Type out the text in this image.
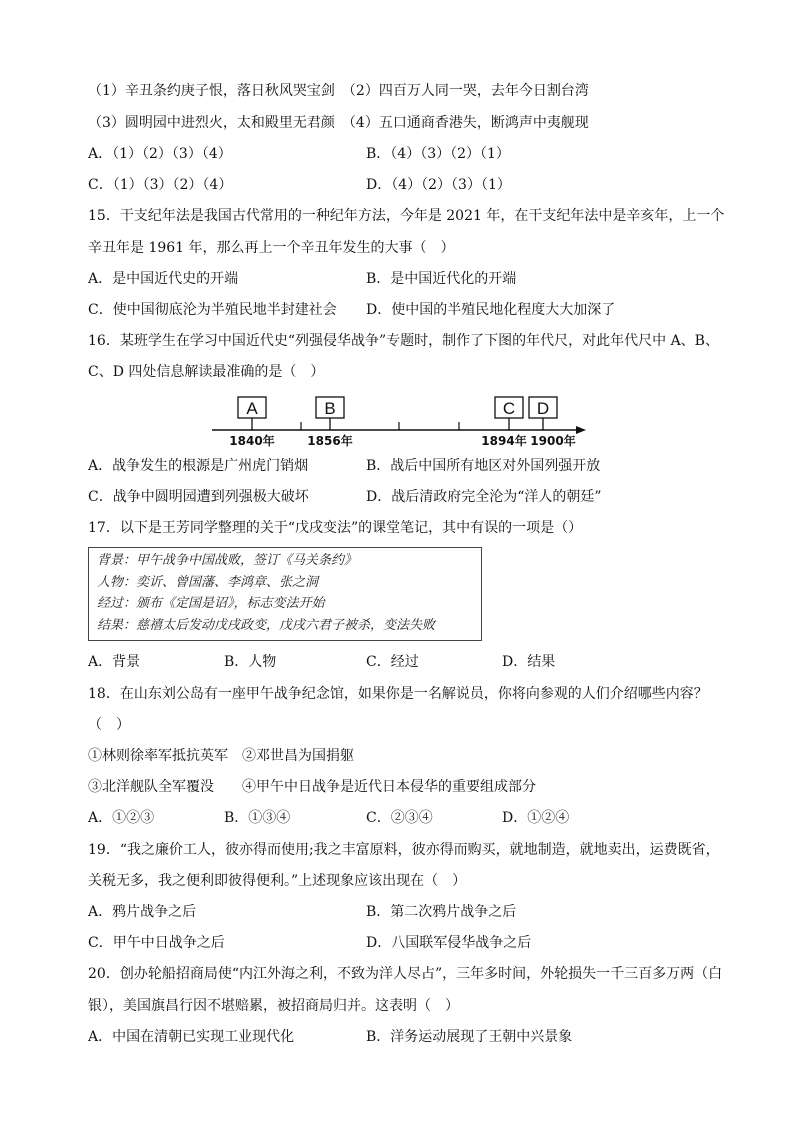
（1）辛丑条约庚子恨，落日秋风哭宝剑　（2）四百万人同一哭，去年今日割台湾
（3）圆明园中进烈火，太和殿里无君颜　（4）五口通商香港失，断鸿声中夷舰现
A．（1）（2）（3）（4）	B．（4）（3）（2）（1）
C．（1）（3）（2）（4）	D．（4）（2）（3）（1）
15．干支纪年法是我国古代常用的一种纪年方法，今年是 2021 年，在干支纪年法中是辛亥年，上一个
辛丑年是 1961 年，那么再上一个辛丑年发生的大事（　）
A．是中国近代史的开端	B．是中国近代化的开端
C．使中国彻底沦为半殖民地半封建社会 D．使中国的半殖民地化程度大大加深了
16．某班学生在学习中国近代史“列强侵华战争”专题时，制作了下图的年代尺，对此年代尺中 A、B、
C、D 四处信息解读最准确的是（　）
A	B	C D
1840年	1856年	1894年 1900年
A．战争发生的根源是广州虎门销烟	B．战后中国所有地区对外国列强开放
C．战争中圆明园遭到列强极大破坏	D．战后清政府完全沦为“洋人的朝廷”
17．以下是王芳同学整理的关于“戊戌变法”的课堂笔记，其中有误的一项是（）
背景：甲午战争中国战败，签订《马关条约》
人物：奕䜣、曾国藩、李鸿章、张之洞
经过：颁布《定国是诏》，标志变法开始
结果：慈禧太后发动戊戌政变，戊戌六君子被杀，变法失败
A．背景	B．人物	C．经过	D．结果
18．在山东刘公岛有一座甲午战争纪念馆，如果你是一名解说员，你将向参观的人们介绍哪些内容？
（　）
①林则徐率军抵抗英军　②邓世昌为国捐躯
③北洋舰队全军覆没　　④甲午中日战争是近代日本侵华的重要组成部分
A．①②③	B．①③④	C．②③④	D．①②④
19．“我之廉价工人，彼亦得而使用;我之丰富原料，彼亦得而购买，就地制造，就地卖出，运费既省，
关税无多，我之便利即彼得便利。”上述现象应该出现在（　）
A．鸦片战争之后	B．第二次鸦片战争之后
C．甲午中日战争之后	D．八国联军侵华战争之后
20．创办轮船招商局使“内江外海之利，不致为洋人尽占”，三年多时间，外轮损失一千三百多万两（白
银），美国旗昌行因不堪赔累，被招商局归并。这表明（　）
A．中国在清朝已实现工业现代化	B．洋务运动展现了王朝中兴景象
